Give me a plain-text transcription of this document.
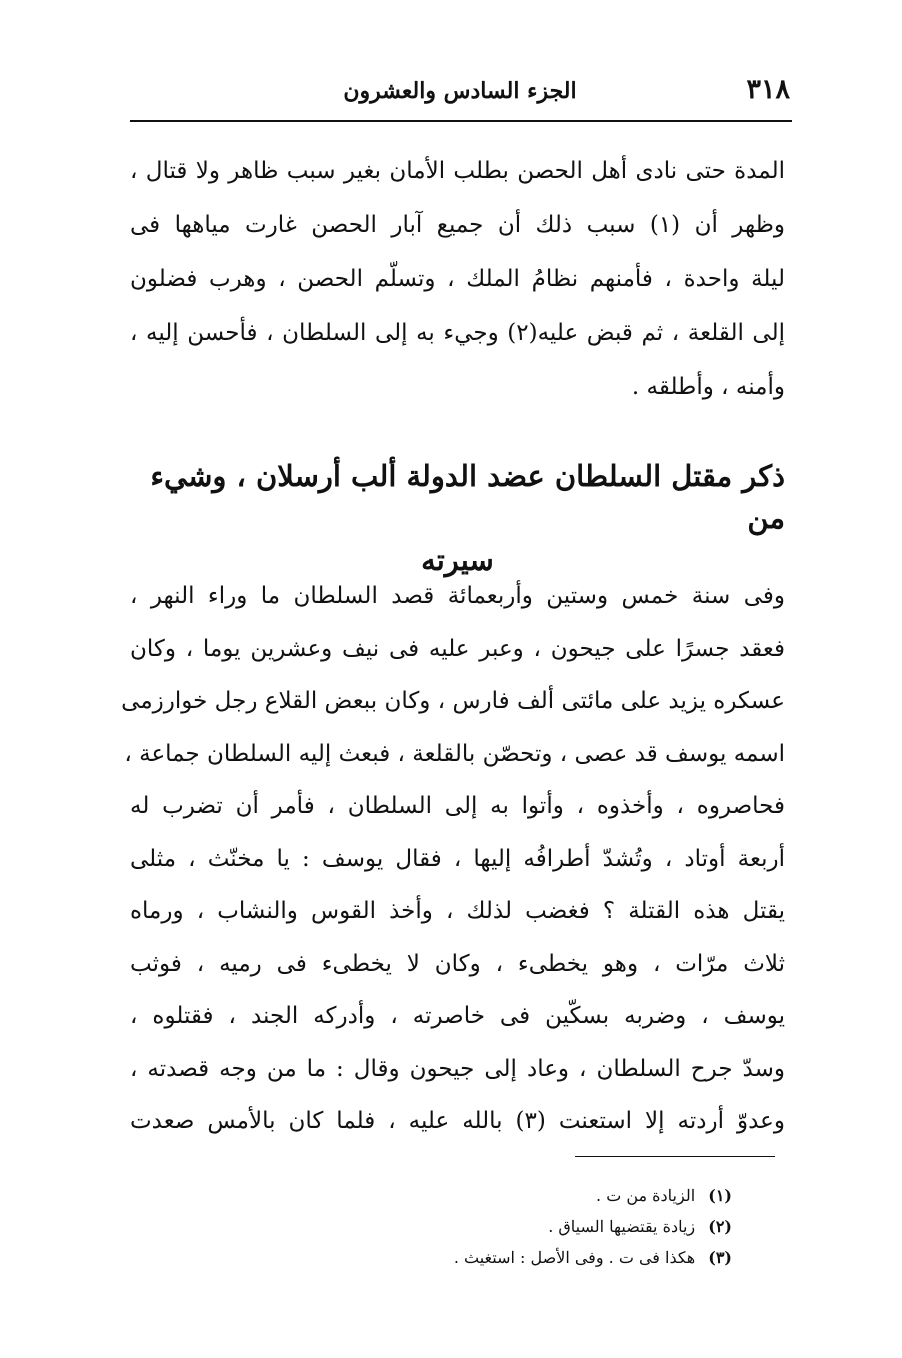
٣١٨
الجزء السادس والعشرون
المدة حتى نادى أهل الحصن بطلب الأمان بغير سبب ظاهر ولا قتال ،
وظهر أن (١) سبب ذلك أن جميع آبار الحصن غارت مياهها فى
ليلة واحدة ، فأمنهم نظامُ الملك ، وتسلّم الحصن ، وهرب فضلون
إلى القلعة ، ثم قبض عليه(٢) وجيء به إلى السلطان ، فأحسن إليه ،
وأمنه ، وأطلقه .
ذكر مقتل السلطان عضد الدولة ألب أرسلان ، وشيء من
سيرته
وفى سنة خمس وستين وأربعمائة قصد السلطان ما وراء النهر ،
فعقد جسرًا على جيحون ، وعبر عليه فى نيف وعشرين يوما ، وكان
عسكره يزيد على مائتى ألف فارس ، وكان ببعض القلاع رجل خوارزمى
اسمه يوسف قد عصى ، وتحصّن بالقلعة ، فبعث إليه السلطان جماعة ،
فحاصروه ، وأخذوه ، وأتوا به إلى السلطان ، فأمر أن تضرب له
أربعة أوتاد ، وتُشدّ أطرافُه إليها ، فقال يوسف : يا مخنّث ، مثلى
يقتل هذه القتلة ؟ فغضب لذلك ، وأخذ القوس والنشاب ، ورماه
ثلاث مرّات ، وهو يخطىء ، وكان لا يخطىء فى رميه ، فوثب
يوسف ، وضربه بسكّين فى خاصرته ، وأدركه الجند ، فقتلوه ،
وسدّ جرح السلطان ، وعاد إلى جيحون وقال : ما من وجه قصدته ،
وعدوّ أردته إلا استعنت (٣) بالله عليه ، فلما كان بالأمس صعدت
(١) الزيادة من ت .
(٢) زيادة يقتضيها السياق .
(٣) هكذا فى ت . وفى الأصل : استغيث .
